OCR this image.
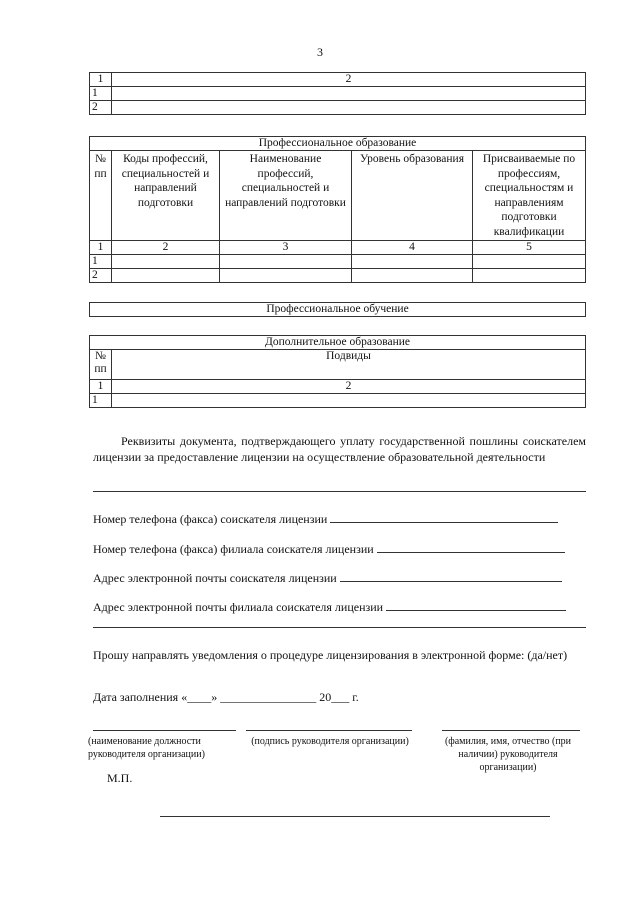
3
1	2
1	
2	
Профессиональное образование				
№ пп	Коды профессий, специальностей и направлений подготовки	Наименование профессий, специальностей и направлений подготовки	Уровень образования	Присваиваемые по профессиям, специальностям и направлениям подготовки квалификации
1	2	3	4	5
1				
2				
Профессиональное обучение
Дополнительное образование	
№ пп	Подвиды
1	2
1	
Реквизиты документа, подтверждающего уплату государственной пошлины соискателем лицензии за предоставление лицензии на осуществление образовательной деятельности
Номер телефона (факса) соискателя лицензии
Номер телефона (факса) филиала соискателя лицензии
Адрес электронной почты соискателя лицензии
Адрес электронной почты филиала соискателя лицензии
Прошу направлять уведомления о процедуре лицензирования в электронной форме: (да/нет)
Дата заполнения «____» ________________ 20___ г.
(наименование должности руководителя организации)
(подпись руководителя организации)	(фамилия, имя, отчество (при наличии) руководителя организации)
М.П.
